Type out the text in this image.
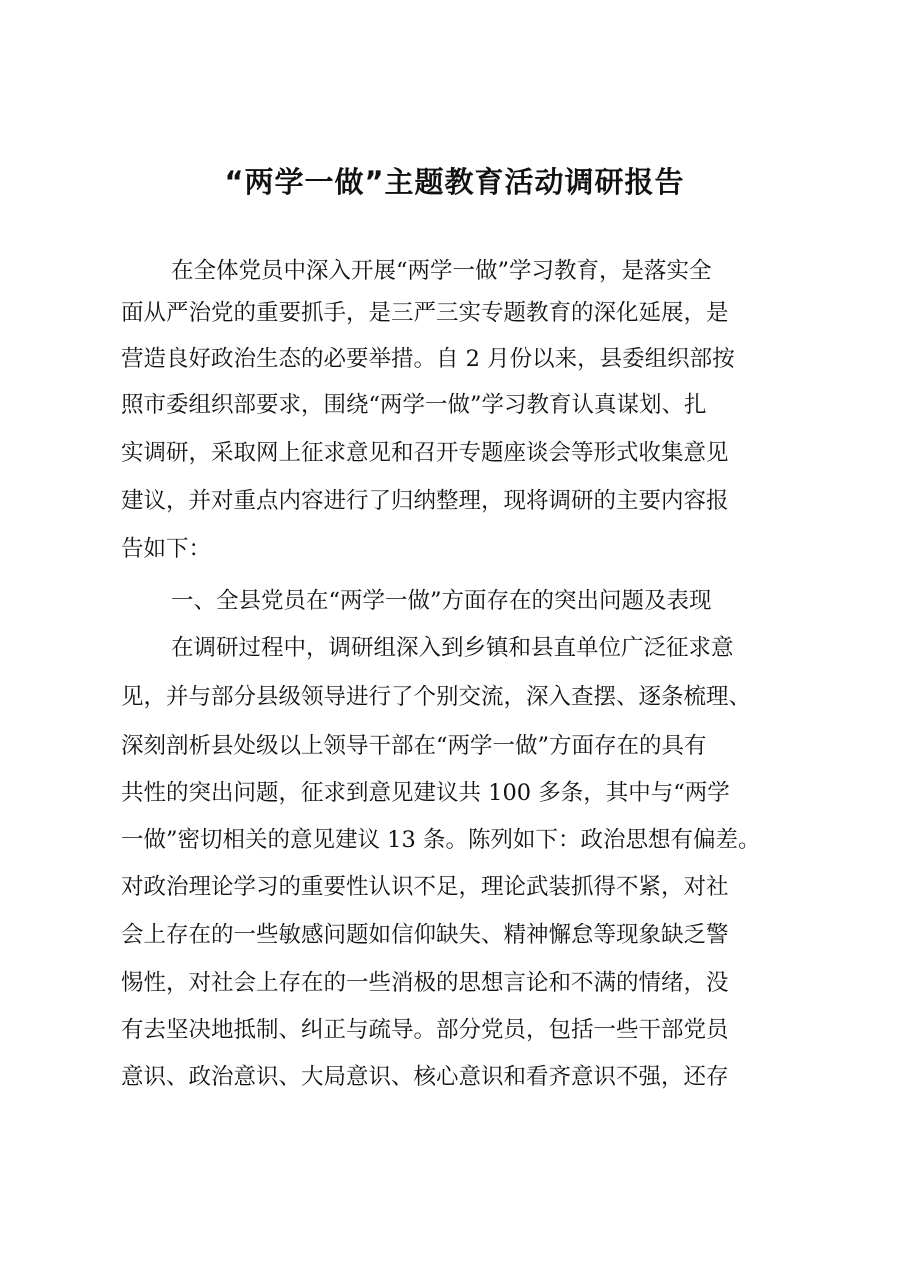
“两学一做”主题教育活动调研报告
在全体党员中深入开展“两学一做”学习教育，是落实全
面从严治党的重要抓手，是三严三实专题教育的深化延展，是
营造良好政治生态的必要举措。自 2 月份以来，县委组织部按
照市委组织部要求，围绕“两学一做”学习教育认真谋划、扎
实调研，采取网上征求意见和召开专题座谈会等形式收集意见
建议，并对重点内容进行了归纳整理，现将调研的主要内容报
告如下：
一、全县党员在“两学一做”方面存在的突出问题及表现
在调研过程中，调研组深入到乡镇和县直单位广泛征求意
见，并与部分县级领导进行了个别交流，深入查摆、逐条梳理、
深刻剖析县处级以上领导干部在“两学一做”方面存在的具有
共性的突出问题，征求到意见建议共 100 多条，其中与“两学
一做”密切相关的意见建议 13 条。陈列如下：政治思想有偏差。
对政治理论学习的重要性认识不足，理论武装抓得不紧，对社
会上存在的一些敏感问题如信仰缺失、精神懈怠等现象缺乏警
惕性，对社会上存在的一些消极的思想言论和不满的情绪，没
有去坚决地抵制、纠正与疏导。部分党员，包括一些干部党员
意识、政治意识、大局意识、核心意识和看齐意识不强，还存
